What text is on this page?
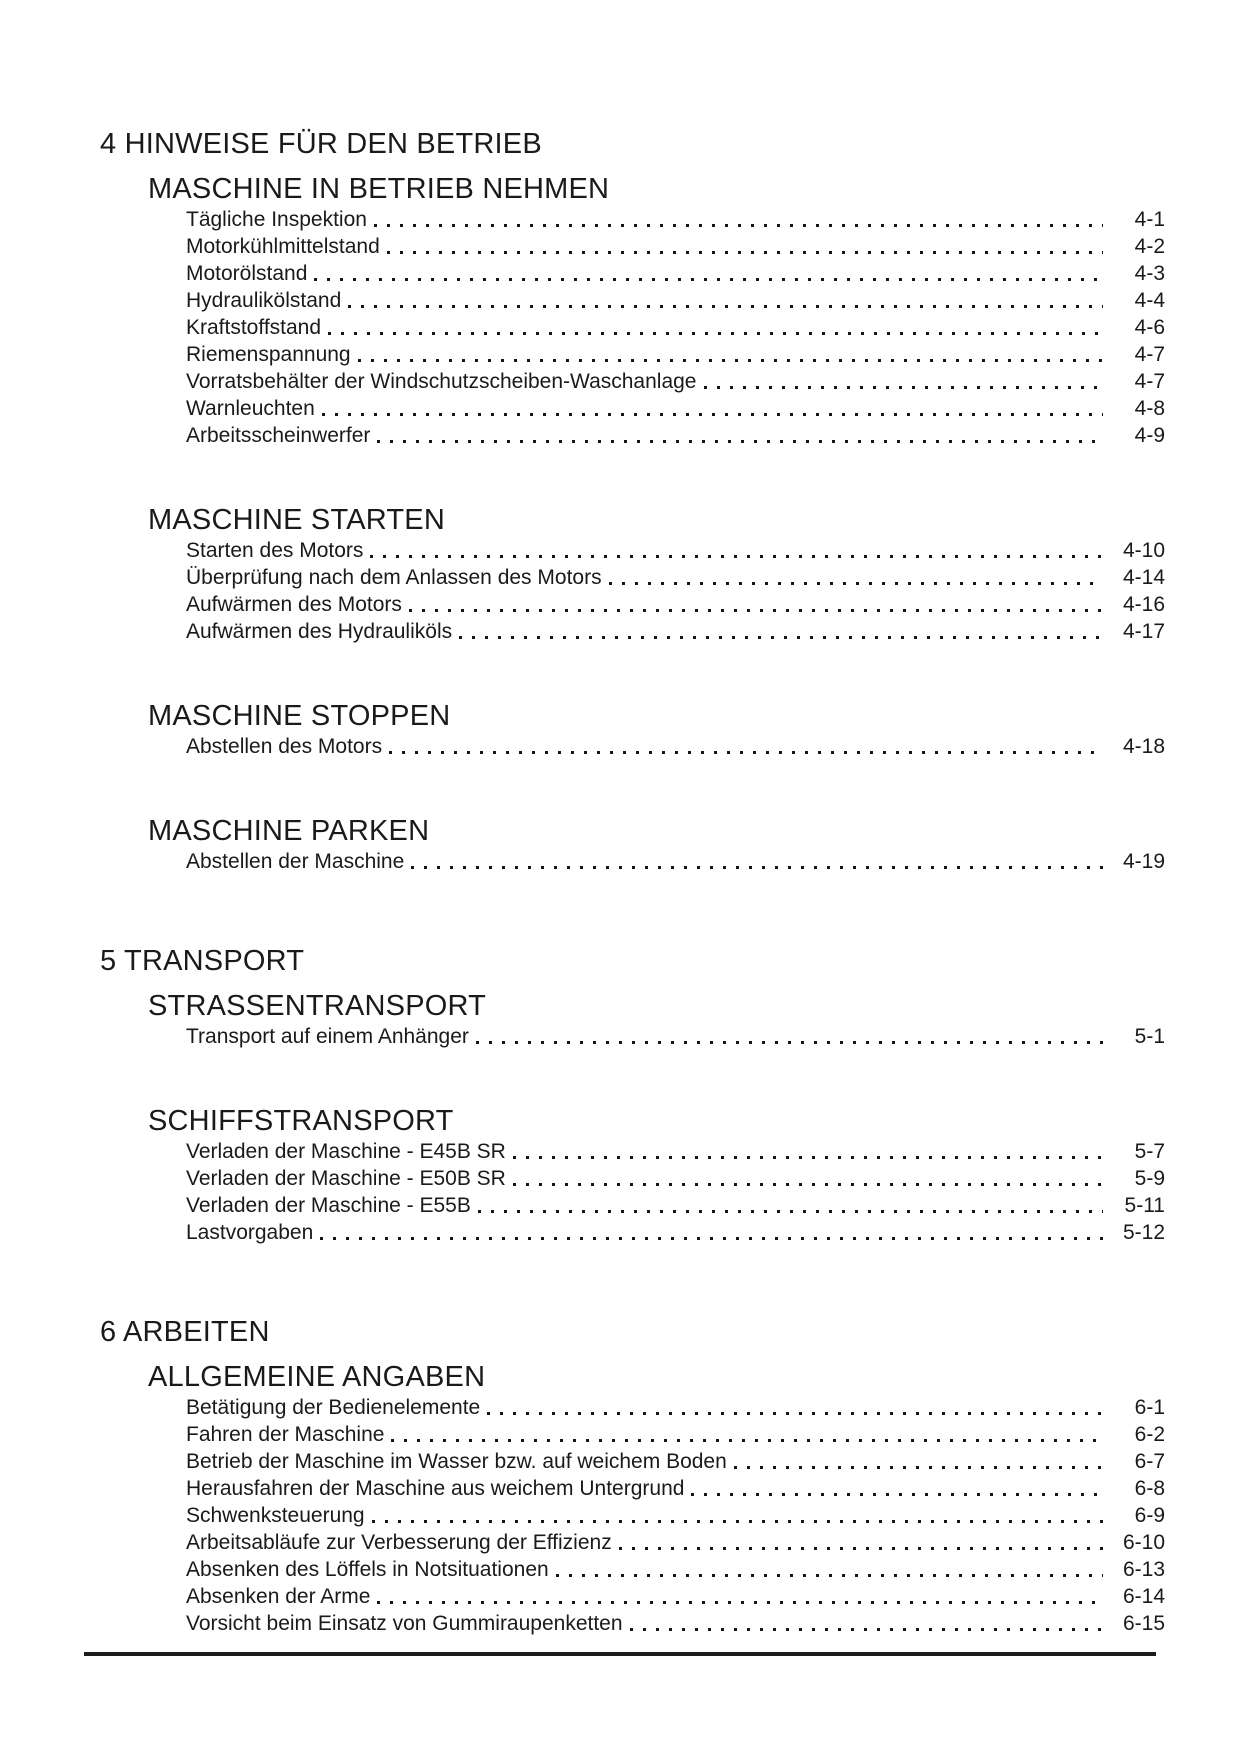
4 HINWEISE FÜR DEN BETRIEB
MASCHINE IN BETRIEB NEHMEN
Tägliche Inspektion	4-1
Motorkühlmittelstand	4-2
Motorölstand	4-3
Hydraulikölstand	4-4
Kraftstoffstand	4-6
Riemenspannung	4-7
Vorratsbehälter der Windschutzscheiben-Waschanlage	4-7
Warnleuchten	4-8
Arbeitsscheinwerfer	4-9
MASCHINE STARTEN
Starten des Motors	4-10
Überprüfung nach dem Anlassen des Motors	4-14
Aufwärmen des Motors	4-16
Aufwärmen des Hydrauliköls	4-17
MASCHINE STOPPEN
Abstellen des Motors	4-18
MASCHINE PARKEN
Abstellen der Maschine	4-19
5 TRANSPORT
STRASSENTRANSPORT
Transport auf einem Anhänger	5-1
SCHIFFSTRANSPORT
Verladen der Maschine - E45B SR	5-7
Verladen der Maschine - E50B SR	5-9
Verladen der Maschine - E55B	5-11
Lastvorgaben	5-12
6 ARBEITEN
ALLGEMEINE ANGABEN
Betätigung der Bedienelemente	6-1
Fahren der Maschine	6-2
Betrieb der Maschine im Wasser bzw. auf weichem Boden	6-7
Herausfahren der Maschine aus weichem Untergrund	6-8
Schwenksteuerung	6-9
Arbeitsabläufe zur Verbesserung der Effizienz	6-10
Absenken des Löffels in Notsituationen	6-13
Absenken der Arme	6-14
Vorsicht beim Einsatz von Gummiraupenketten	6-15
